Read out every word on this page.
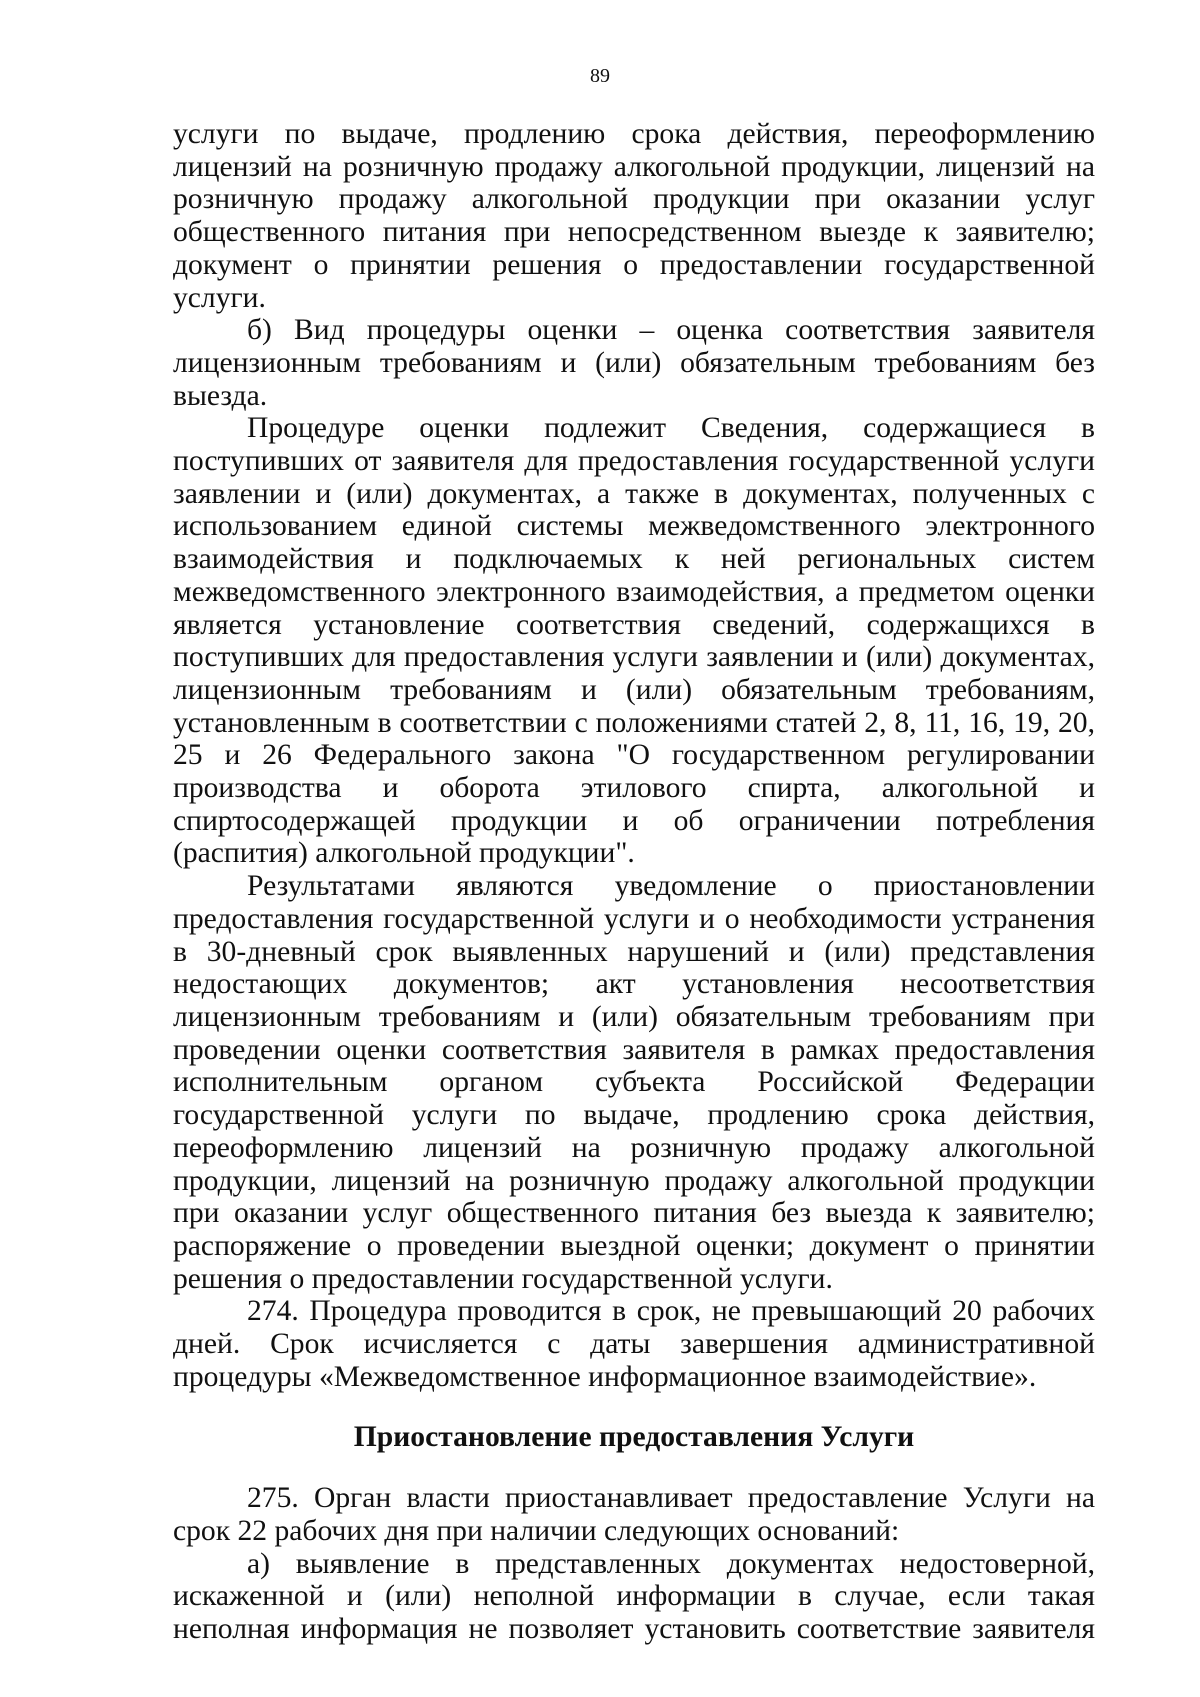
89

услуги по выдаче, продлению срока действия, переоформлению лицензий на розничную продажу алкогольной продукции, лицензий на розничную продажу алкогольной продукции при оказании услуг общественного питания при непосредственном выезде к заявителю; документ о принятии решения о предоставлении государственной услуги.

б) Вид процедуры оценки – оценка соответствия заявителя лицензионным требованиям и (или) обязательным требованиям без выезда.

Процедуре оценки подлежит Сведения, содержащиеся в поступивших от заявителя для предоставления государственной услуги заявлении и (или) документах, а также в документах, полученных с использованием единой системы межведомственного электронного взаимодействия и подключаемых к ней региональных систем межведомственного электронного взаимодействия, а предметом оценки является установление соответствия сведений, содержащихся в поступивших для предоставления услуги заявлении и (или) документах, лицензионным требованиям и (или) обязательным требованиям, установленным в соответствии с положениями статей 2, 8, 11, 16, 19, 20, 25 и 26 Федерального закона "О государственном регулировании производства и оборота этилового спирта, алкогольной и спиртосодержащей продукции и об ограничении потребления (распития) алкогольной продукции".

Результатами являются уведомление о приостановлении предоставления государственной услуги и о необходимости устранения в 30-дневный срок выявленных нарушений и (или) представления недостающих документов; акт установления несоответствия лицензионным требованиям и (или) обязательным требованиям при проведении оценки соответствия заявителя в рамках предоставления исполнительным органом субъекта Российской Федерации государственной услуги по выдаче, продлению срока действия, переоформлению лицензий на розничную продажу алкогольной продукции, лицензий на розничную продажу алкогольной продукции при оказании услуг общественного питания без выезда к заявителю; распоряжение о проведении выездной оценки; документ о принятии решения о предоставлении государственной услуги.

274. Процедура проводится в срок, не превышающий 20 рабочих дней. Срок исчисляется с даты завершения административной процедуры «Межведомственное информационное взаимодействие».

Приостановление предоставления Услуги

275. Орган власти приостанавливает предоставление Услуги на срок 22 рабочих дня при наличии следующих оснований:

а) выявление в представленных документах недостоверной, искаженной и (или) неполной информации в случае, если такая неполная информация не позволяет установить соответствие заявителя
